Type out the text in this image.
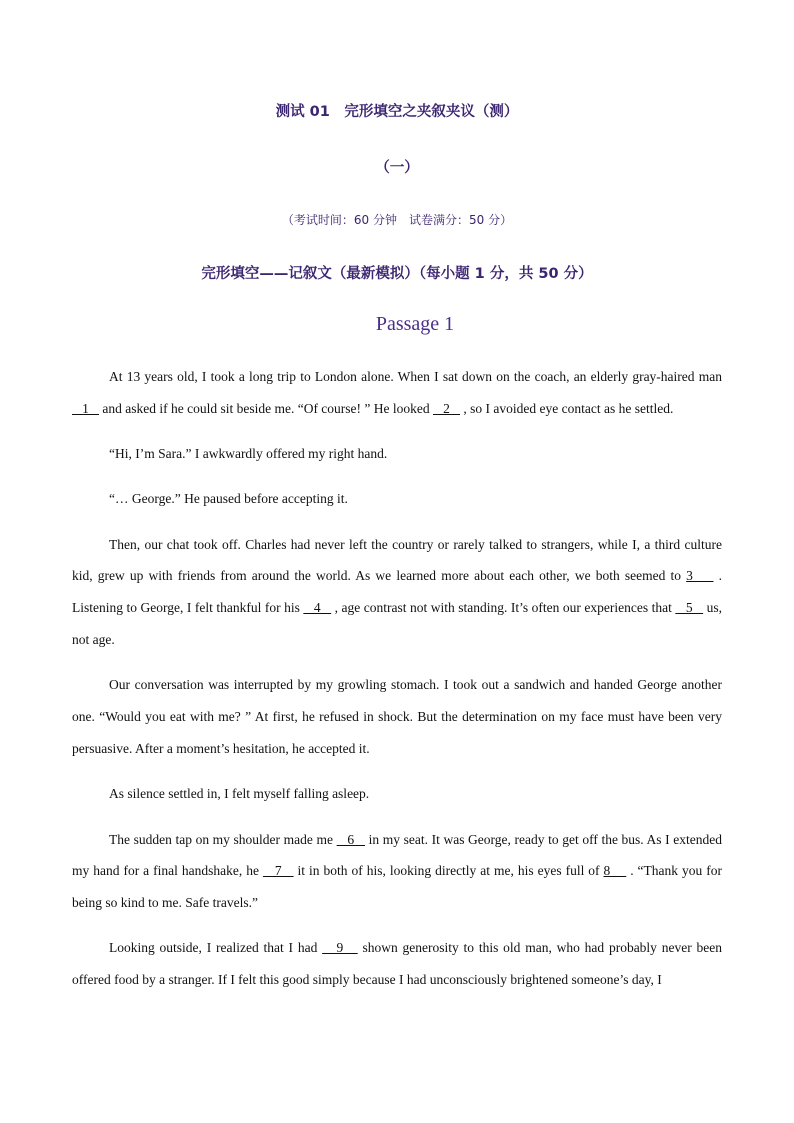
测试 01　完形填空之夹叙夹议（测）
（一）
（考试时间：60 分钟　试卷满分：50 分）
完形填空——记叙文（最新模拟）（每小题 1 分，共 50 分）
Passage 1

At 13 years old, I took a long trip to London alone. When I sat down on the coach, an elderly gray-haired man    1    and asked if he could sit beside me. “Of course! ” He looked    2    , so I avoided eye contact as he settled.

“Hi, I’m Sara.” I awkwardly offered my right hand.

“… George.” He paused before accepting it.

Then, our chat took off. Charles had never left the country or rarely talked to strangers, while I, a third culture kid, grew up with friends from around the world. As we learned more about each other, we both seemed to 3     . Listening to George, I felt thankful for his    4    , age contrast not with standing. It’s often our experiences that    5    us, not age.

Our conversation was interrupted by my growling stomach. I took out a sandwich and handed George another one. “Would you eat with me? ” At first, he refused in shock. But the determination on my face must have been very persuasive. After a moment’s hesitation, he accepted it.

As silence settled in, I felt myself falling asleep.

The sudden tap on my shoulder made me    6    in my seat. It was George, ready to get off the bus. As I extended my hand for a final handshake, he    7    it in both of his, looking directly at me, his eyes full of 8     . “Thank you for being so kind to me. Safe travels.”

Looking outside, I realized that I had    9    shown generosity to this old man, who had probably never been offered food by a stranger. If I felt this good simply because I had unconsciously brightened someone’s day, I
